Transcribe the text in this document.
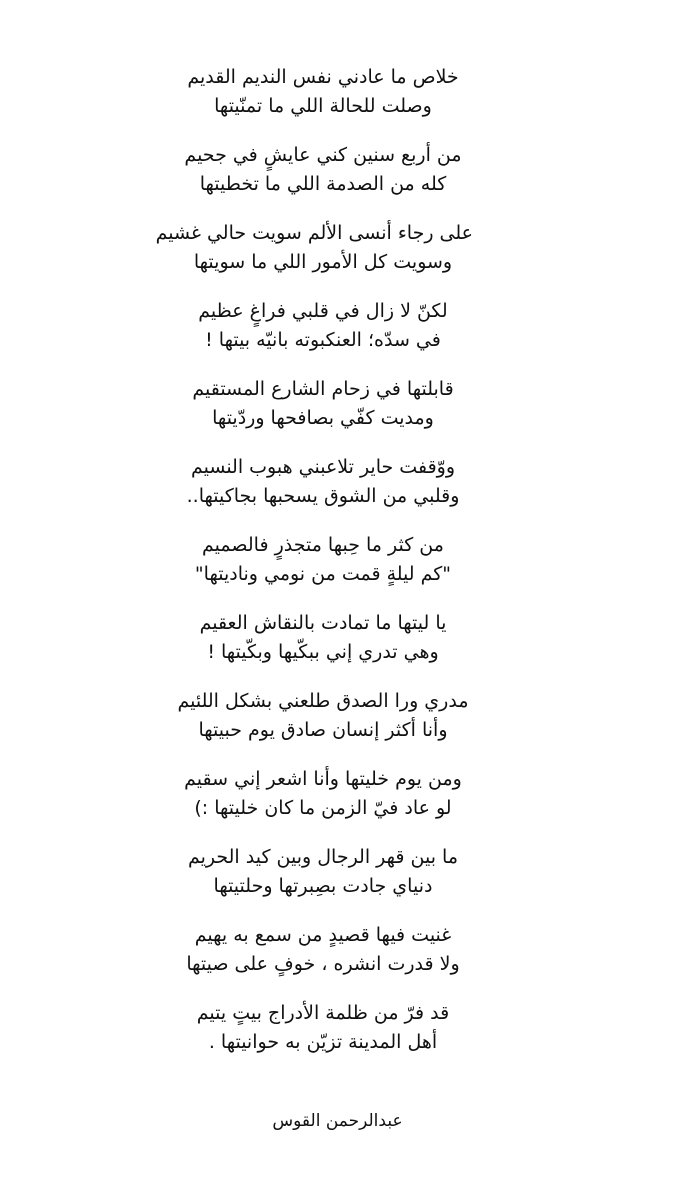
خلاص ما عادني نفس النديم القديم
وصلت للحالة اللي ما تمنّيتها
من أربع سنين كني عايشٍ في جحيم
كله من الصدمة اللي ما تخطيتها
على رجاء أنسى الألم سويت حالي غشيم
وسويت كل الأمور اللي ما سويتها
لكنّ لا زال في قلبي فراغٍ عظيم
في سدّه؛ العنكبوته بانيّه بيتها !
قابلتها في زحام الشارع المستقيم
ومديت كفّي بصافحها وردّيتها
ووّقفت حاير تلاعبني هبوب النسيم
وقلبي من الشوق يسحبها بجاكيتها..
من كثر ما حِبها متجذرٍ فالصميم
"كم ليلةٍ قمت من نومي وناديتها"
يا ليتها ما تمادت بالنقاش العقيم
وهي تدري إني ببكّيها وبكّيتها !
مدري ورا الصدق طلعني بشكل اللئيم
وأنا أكثر إنسان صادق يوم حبيتها
ومن يوم خليتها وأنا اشعر إني سقيم
لو عاد فيّ الزمن ما كان خليتها :)
ما بين قهر الرجال وبين كيد الحريم
دنياي جادت بصِبرتها وحلتيتها
غنيت فيها قصيدٍ من سمع به يهيم
ولا قدرت انشره ، خوفٍ على صيتها
قد فرّ من ظلمة الأدراج بيتٍ يتيم
أهل المدينة تزيّن به حوانيتها .
عبدالرحمن القوس
